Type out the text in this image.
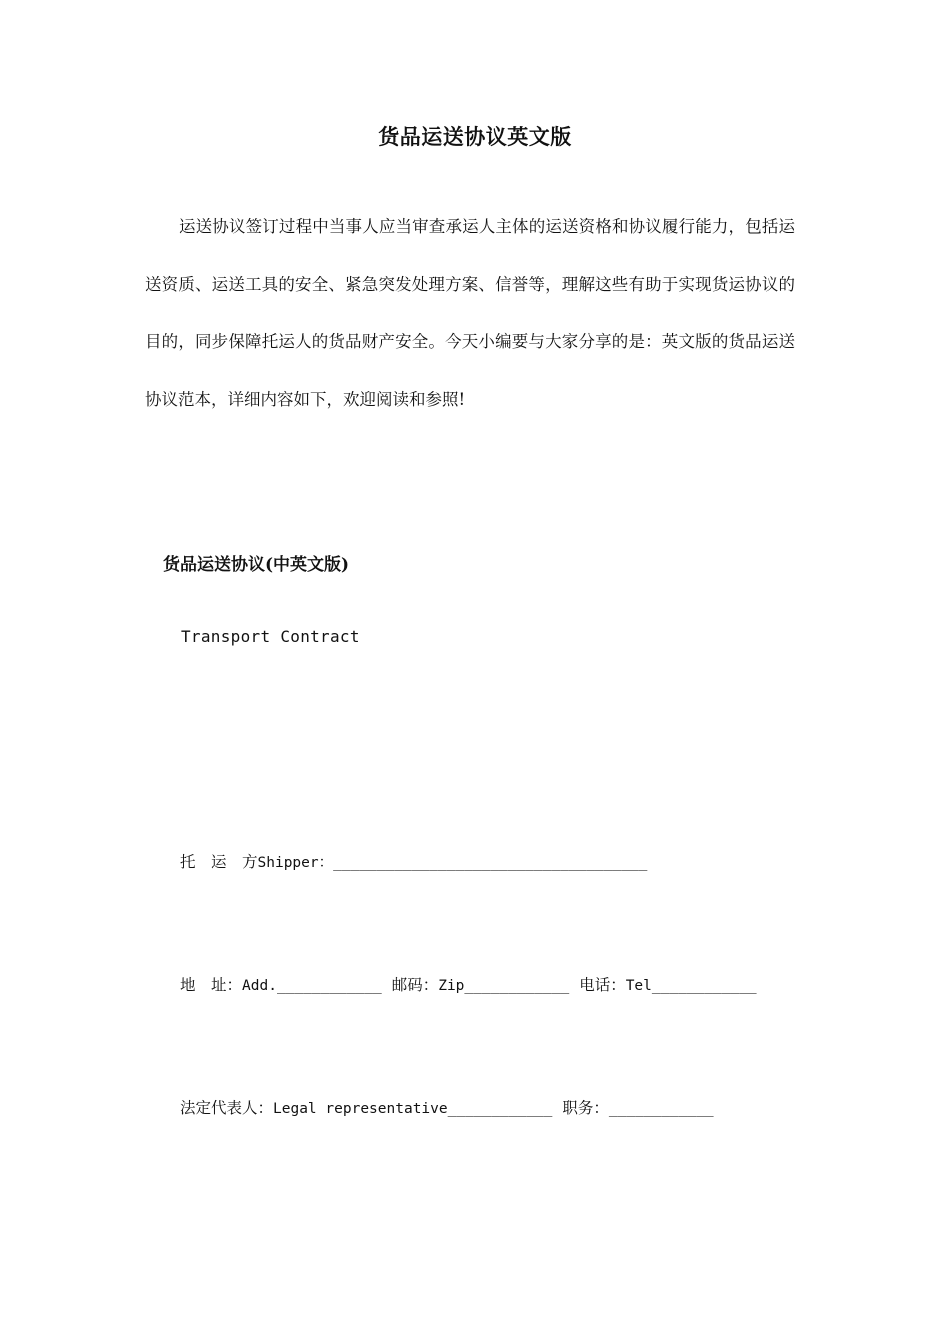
货品运送协议英文版

运送协议签订过程中当事人应当审查承运人主体的运送资格和协议履行能力，包括运送资质、运送工具的安全、紧急突发处理方案、信誉等，理解这些有助于实现货运协议的目的，同步保障托运人的货品财产安全。今天小编要与大家分享的是：英文版的货品运送协议范本，详细内容如下，欢迎阅读和参照!

货品运送协议(中英文版)
Transport Contract
托　运　方Shipper：____________________________________
地　址：Add.____________ 邮码：Zip____________ 电话：Tel____________
法定代表人：Legal representative____________ 职务：____________
